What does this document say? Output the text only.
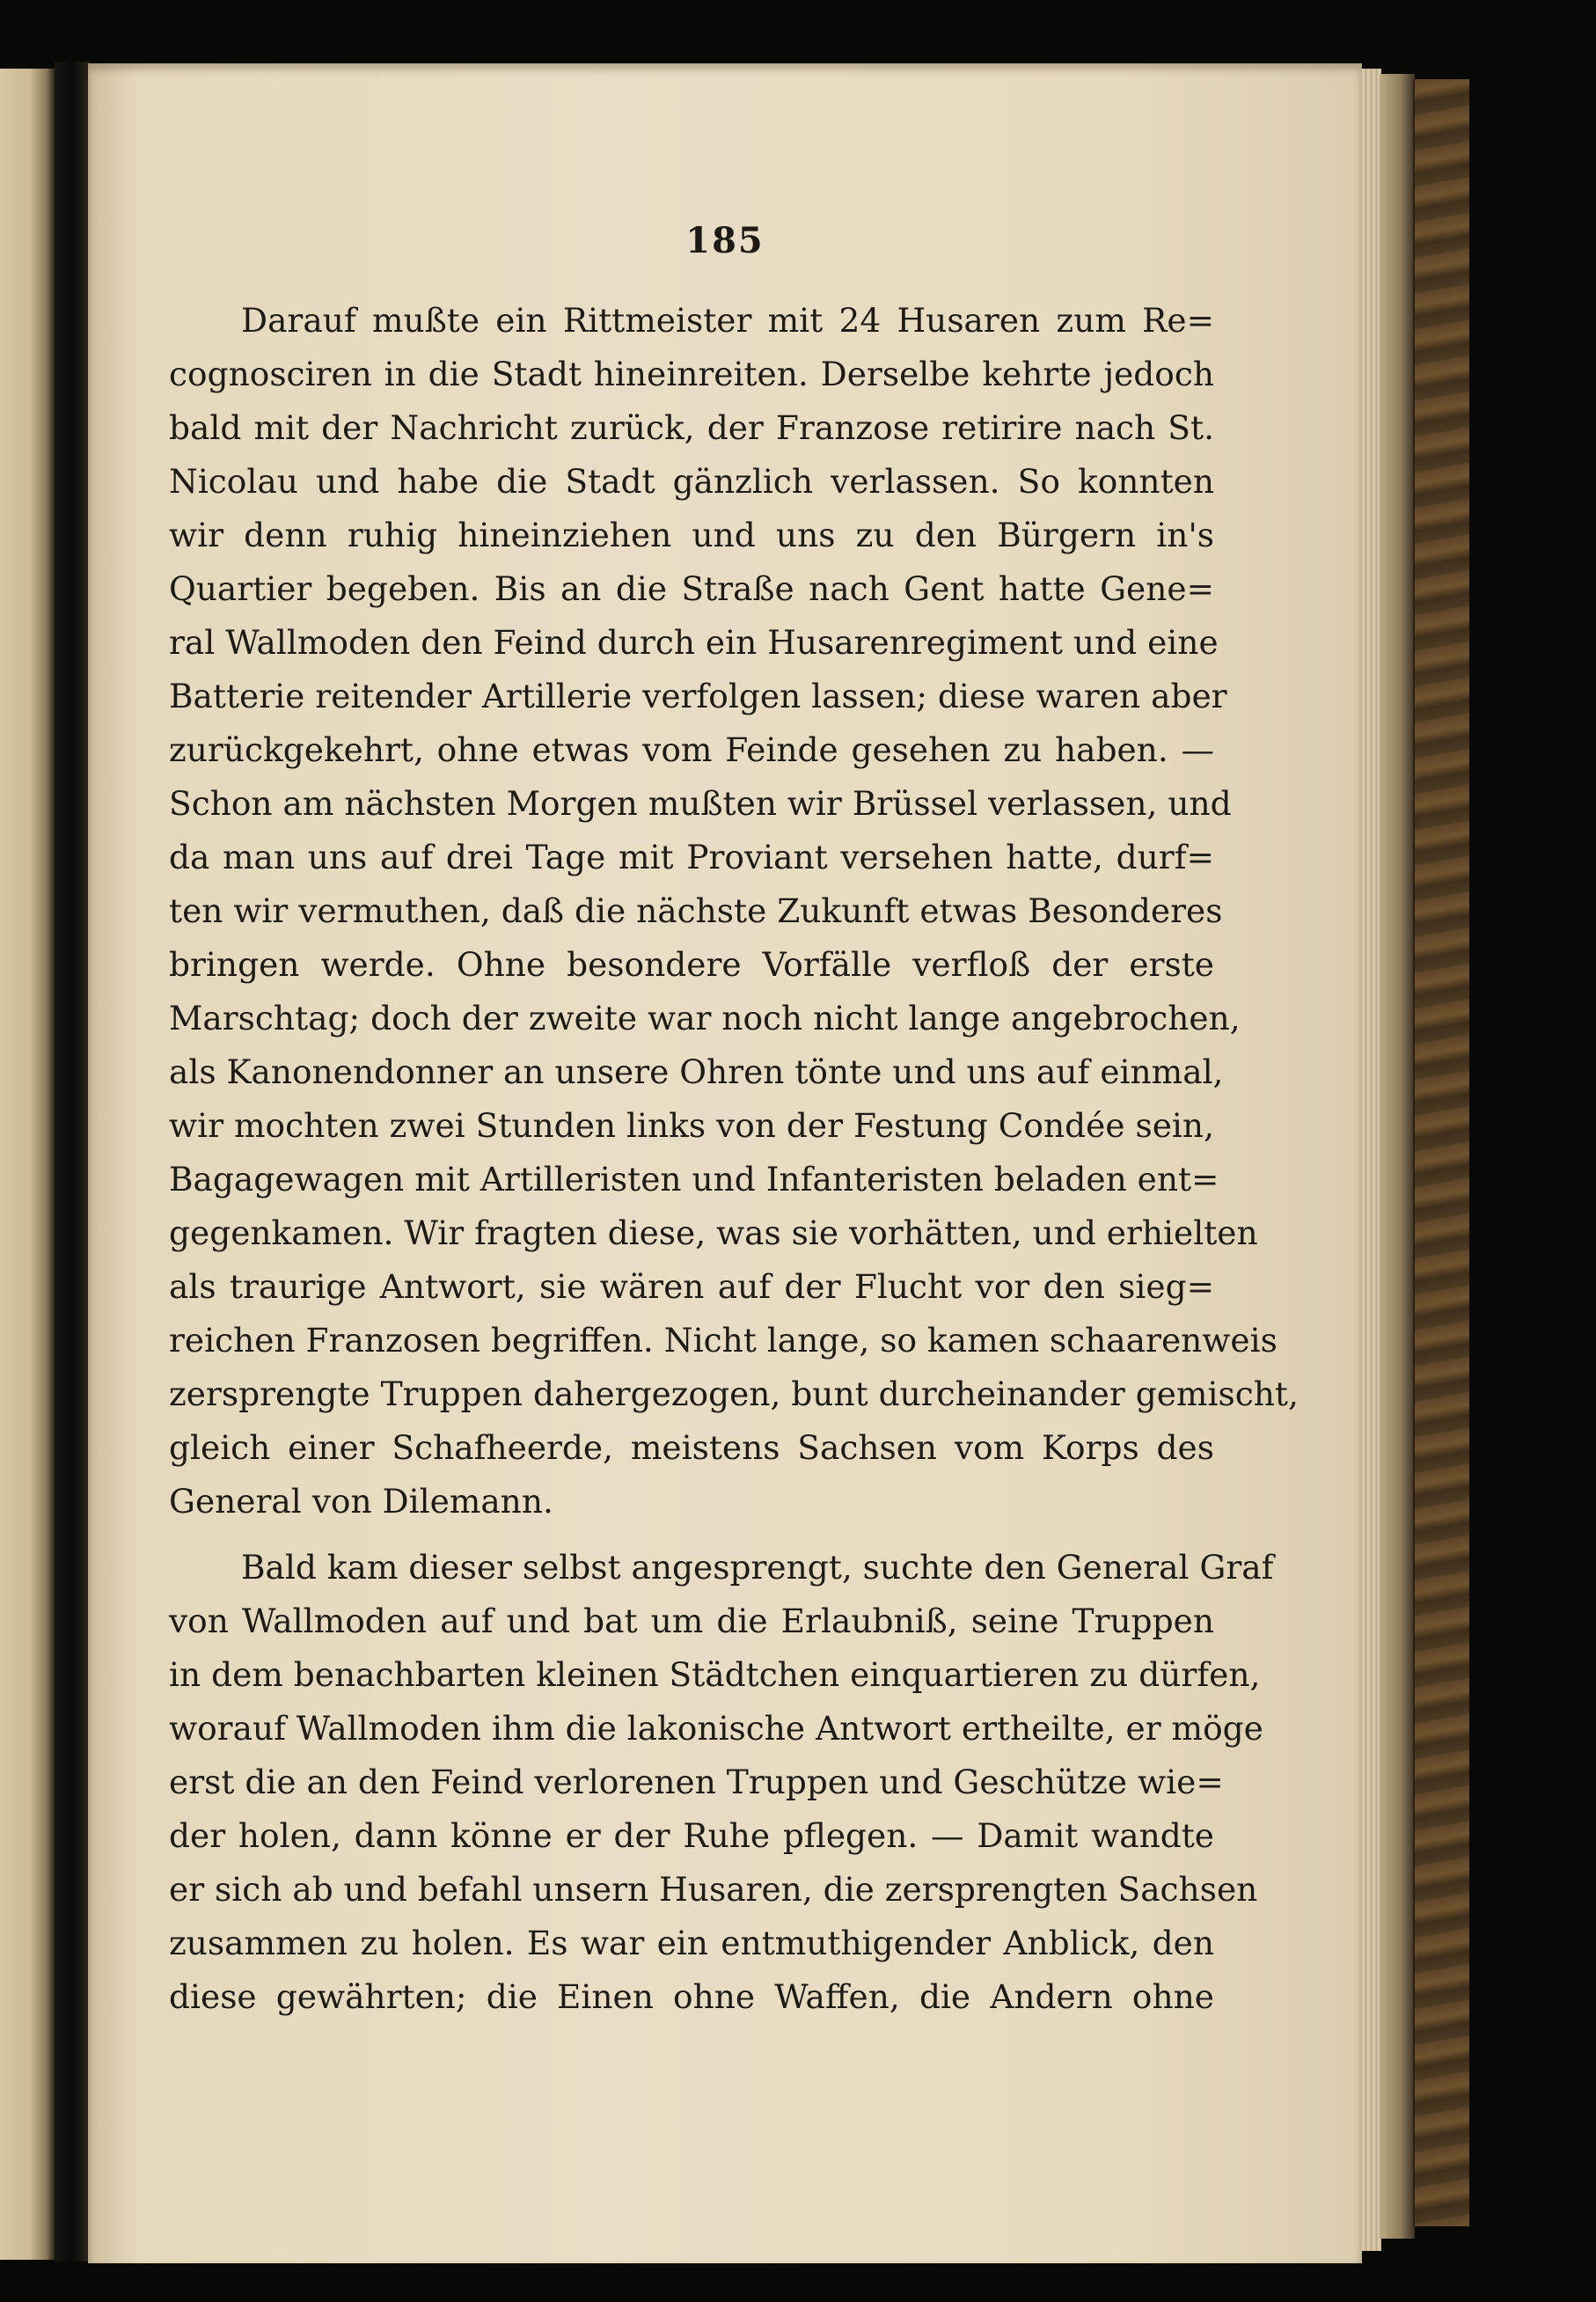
185
Darauf mußte ein Rittmeister mit 24 Husaren zum Re=
cognosciren in die Stadt hineinreiten. Derselbe kehrte jedoch
bald mit der Nachricht zurück, der Franzose retirire nach St.
Nicolau und habe die Stadt gänzlich verlassen. So konnten
wir denn ruhig hineinziehen und uns zu den Bürgern in's
Quartier begeben. Bis an die Straße nach Gent hatte Gene=
ral Wallmoden den Feind durch ein Husarenregiment und eine
Batterie reitender Artillerie verfolgen lassen; diese waren aber
zurückgekehrt, ohne etwas vom Feinde gesehen zu haben. —
Schon am nächsten Morgen mußten wir Brüssel verlassen, und
da man uns auf drei Tage mit Proviant versehen hatte, durf=
ten wir vermuthen, daß die nächste Zukunft etwas Besonderes
bringen werde. Ohne besondere Vorfälle verfloß der erste
Marschtag; doch der zweite war noch nicht lange angebrochen,
als Kanonendonner an unsere Ohren tönte und uns auf einmal,
wir mochten zwei Stunden links von der Festung Condée sein,
Bagagewagen mit Artilleristen und Infanteristen beladen ent=
gegenkamen. Wir fragten diese, was sie vorhätten, und erhielten
als traurige Antwort, sie wären auf der Flucht vor den sieg=
reichen Franzosen begriffen. Nicht lange, so kamen schaarenweis
zersprengte Truppen dahergezogen, bunt durcheinander gemischt,
gleich einer Schafheerde, meistens Sachsen vom Korps des
General von Dilemann.
Bald kam dieser selbst angesprengt, suchte den General Graf
von Wallmoden auf und bat um die Erlaubniß, seine Truppen
in dem benachbarten kleinen Städtchen einquartieren zu dürfen,
worauf Wallmoden ihm die lakonische Antwort ertheilte, er möge
erst die an den Feind verlorenen Truppen und Geschütze wie=
der holen, dann könne er der Ruhe pflegen. — Damit wandte
er sich ab und befahl unsern Husaren, die zersprengten Sachsen
zusammen zu holen. Es war ein entmuthigender Anblick, den
diese gewährten; die Einen ohne Waffen, die Andern ohne
